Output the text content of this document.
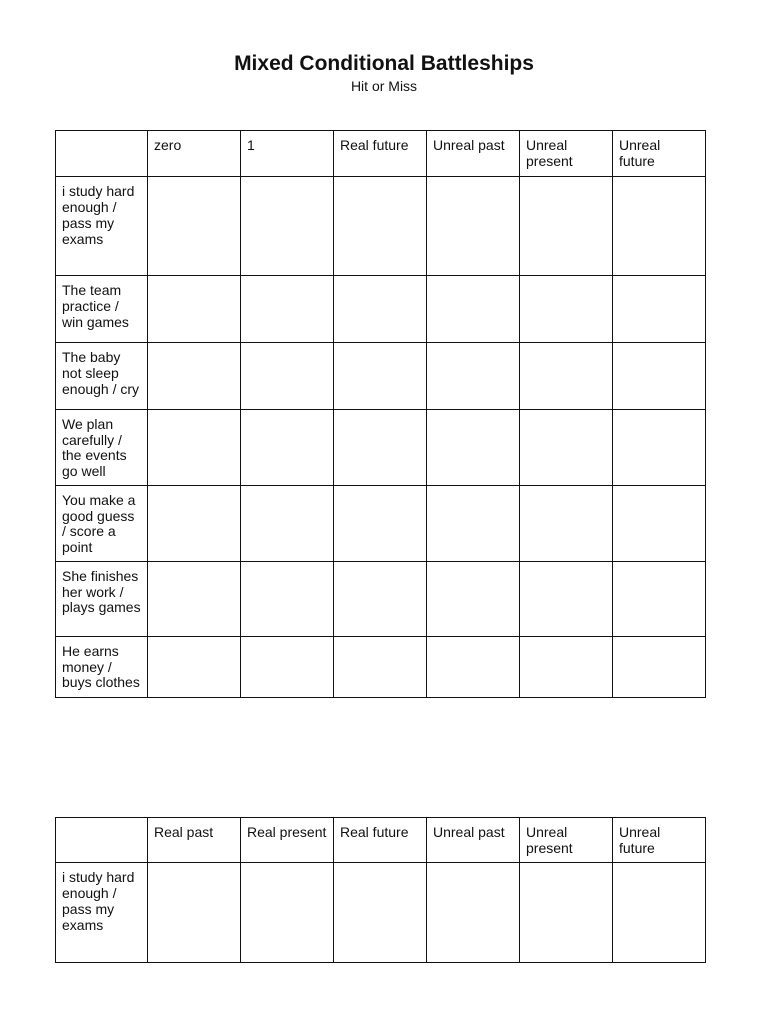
Mixed Conditional Battleships
Hit or Miss
	zero	1	Real future	Unreal past	Unreal present	Unreal future
i study hard enough / pass my exams						
The team practice / win games						
The baby not sleep enough / cry						
We plan carefully / the events go well						
You make a good guess / score a point						
She finishes her work / plays games						
He earns money / buys clothes						
	Real past	Real present	Real future	Unreal past	Unreal present	Unreal future
i study hard enough / pass my exams						
